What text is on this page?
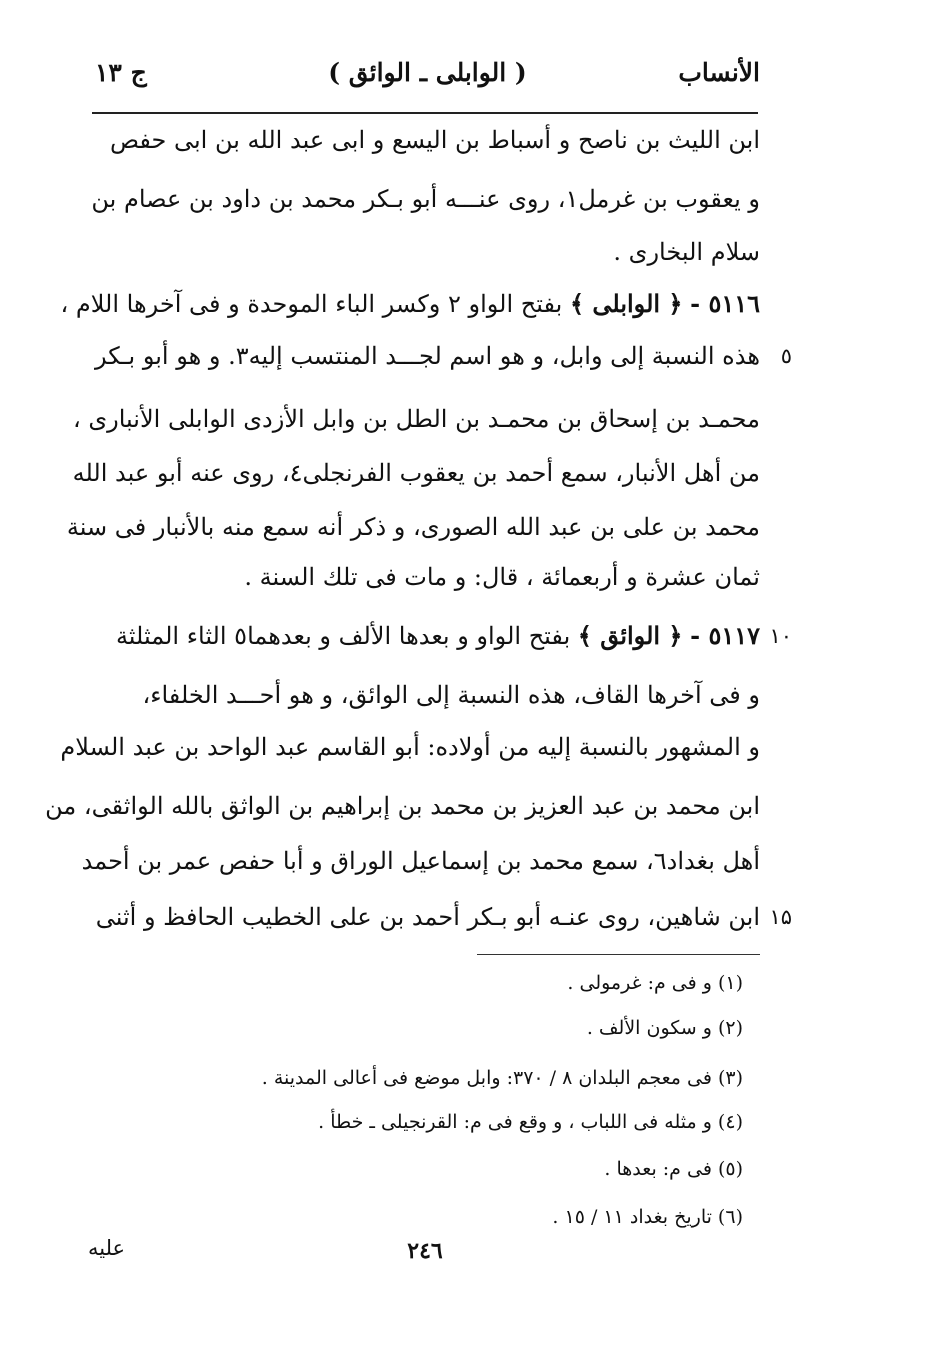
الأنساب
( الوابلى ـ الوائق )
ج ۱۳
ابن الليث بن ناصح و أسباط بن اليسع و ابى عبد الله بن ابى حفص
و يعقوب بن غرمل۱، روى عنـــه أبو بـكر محمد بن داود بن عصام بن
سلام البخارى .
٥١١٦ - ﴿ الوابلى ﴾ بفتح الواو ۲ وكسر الباء الموحدة و فى آخرها اللام ،
٥
هذه النسبة إلى وابل، و هو اسم لجـــد المنتسب إليه۳. و هو أبو بـكر
محمـد بن إسحاق بن محمـد بن الطل بن وابل الأزدى الوابلى الأنبارى ،
من أهل الأنبار، سمع أحمد بن يعقوب الفرنجلى٤، روى عنه أبو عبد الله
محمد بن على بن عبد الله الصورى، و ذكر أنه سمع منه بالأنبار فى سنة
ثمان عشرة و أربعمائة ، قال: و مات فى تلك السنة .
۱۰
٥١١٧ - ﴿ الوائق ﴾ بفتح الواو و بعدها الألف و بعدهما٥ الثاء المثلثة
و فى آخرها القاف، هذه النسبة إلى الوائق، و هو أحـــد الخلفاء،
و المشهور بالنسبة إليه من أولاده: أبو القاسم عبد الواحد بن عبد السلام
ابن محمد بن عبد العزيز بن محمد بن إبراهيم بن الواثق بالله الواثقى، من
أهل بغداد٦، سمع محمد بن إسماعيل الوراق و أبا حفص عمر بن أحمد
۱۵
ابن شاهين، روى عنـه أبو بـكر أحمد بن على الخطيب الحافظ و أثنى
(۱) و فى م: غرمولى .
(۲) و سكون الألف .
(۳) فى معجم البلدان ۸ / ۳۷۰: وابل موضع فى أعالى المدينة .
(٤) و مثله فى اللباب ، و وقع فى م: القرنجيلى ـ خطأ .
(٥) فى م: بعدها .
(٦) تاريخ بغداد ۱۱ / ۱٥ .
٢٤٦
عليه
